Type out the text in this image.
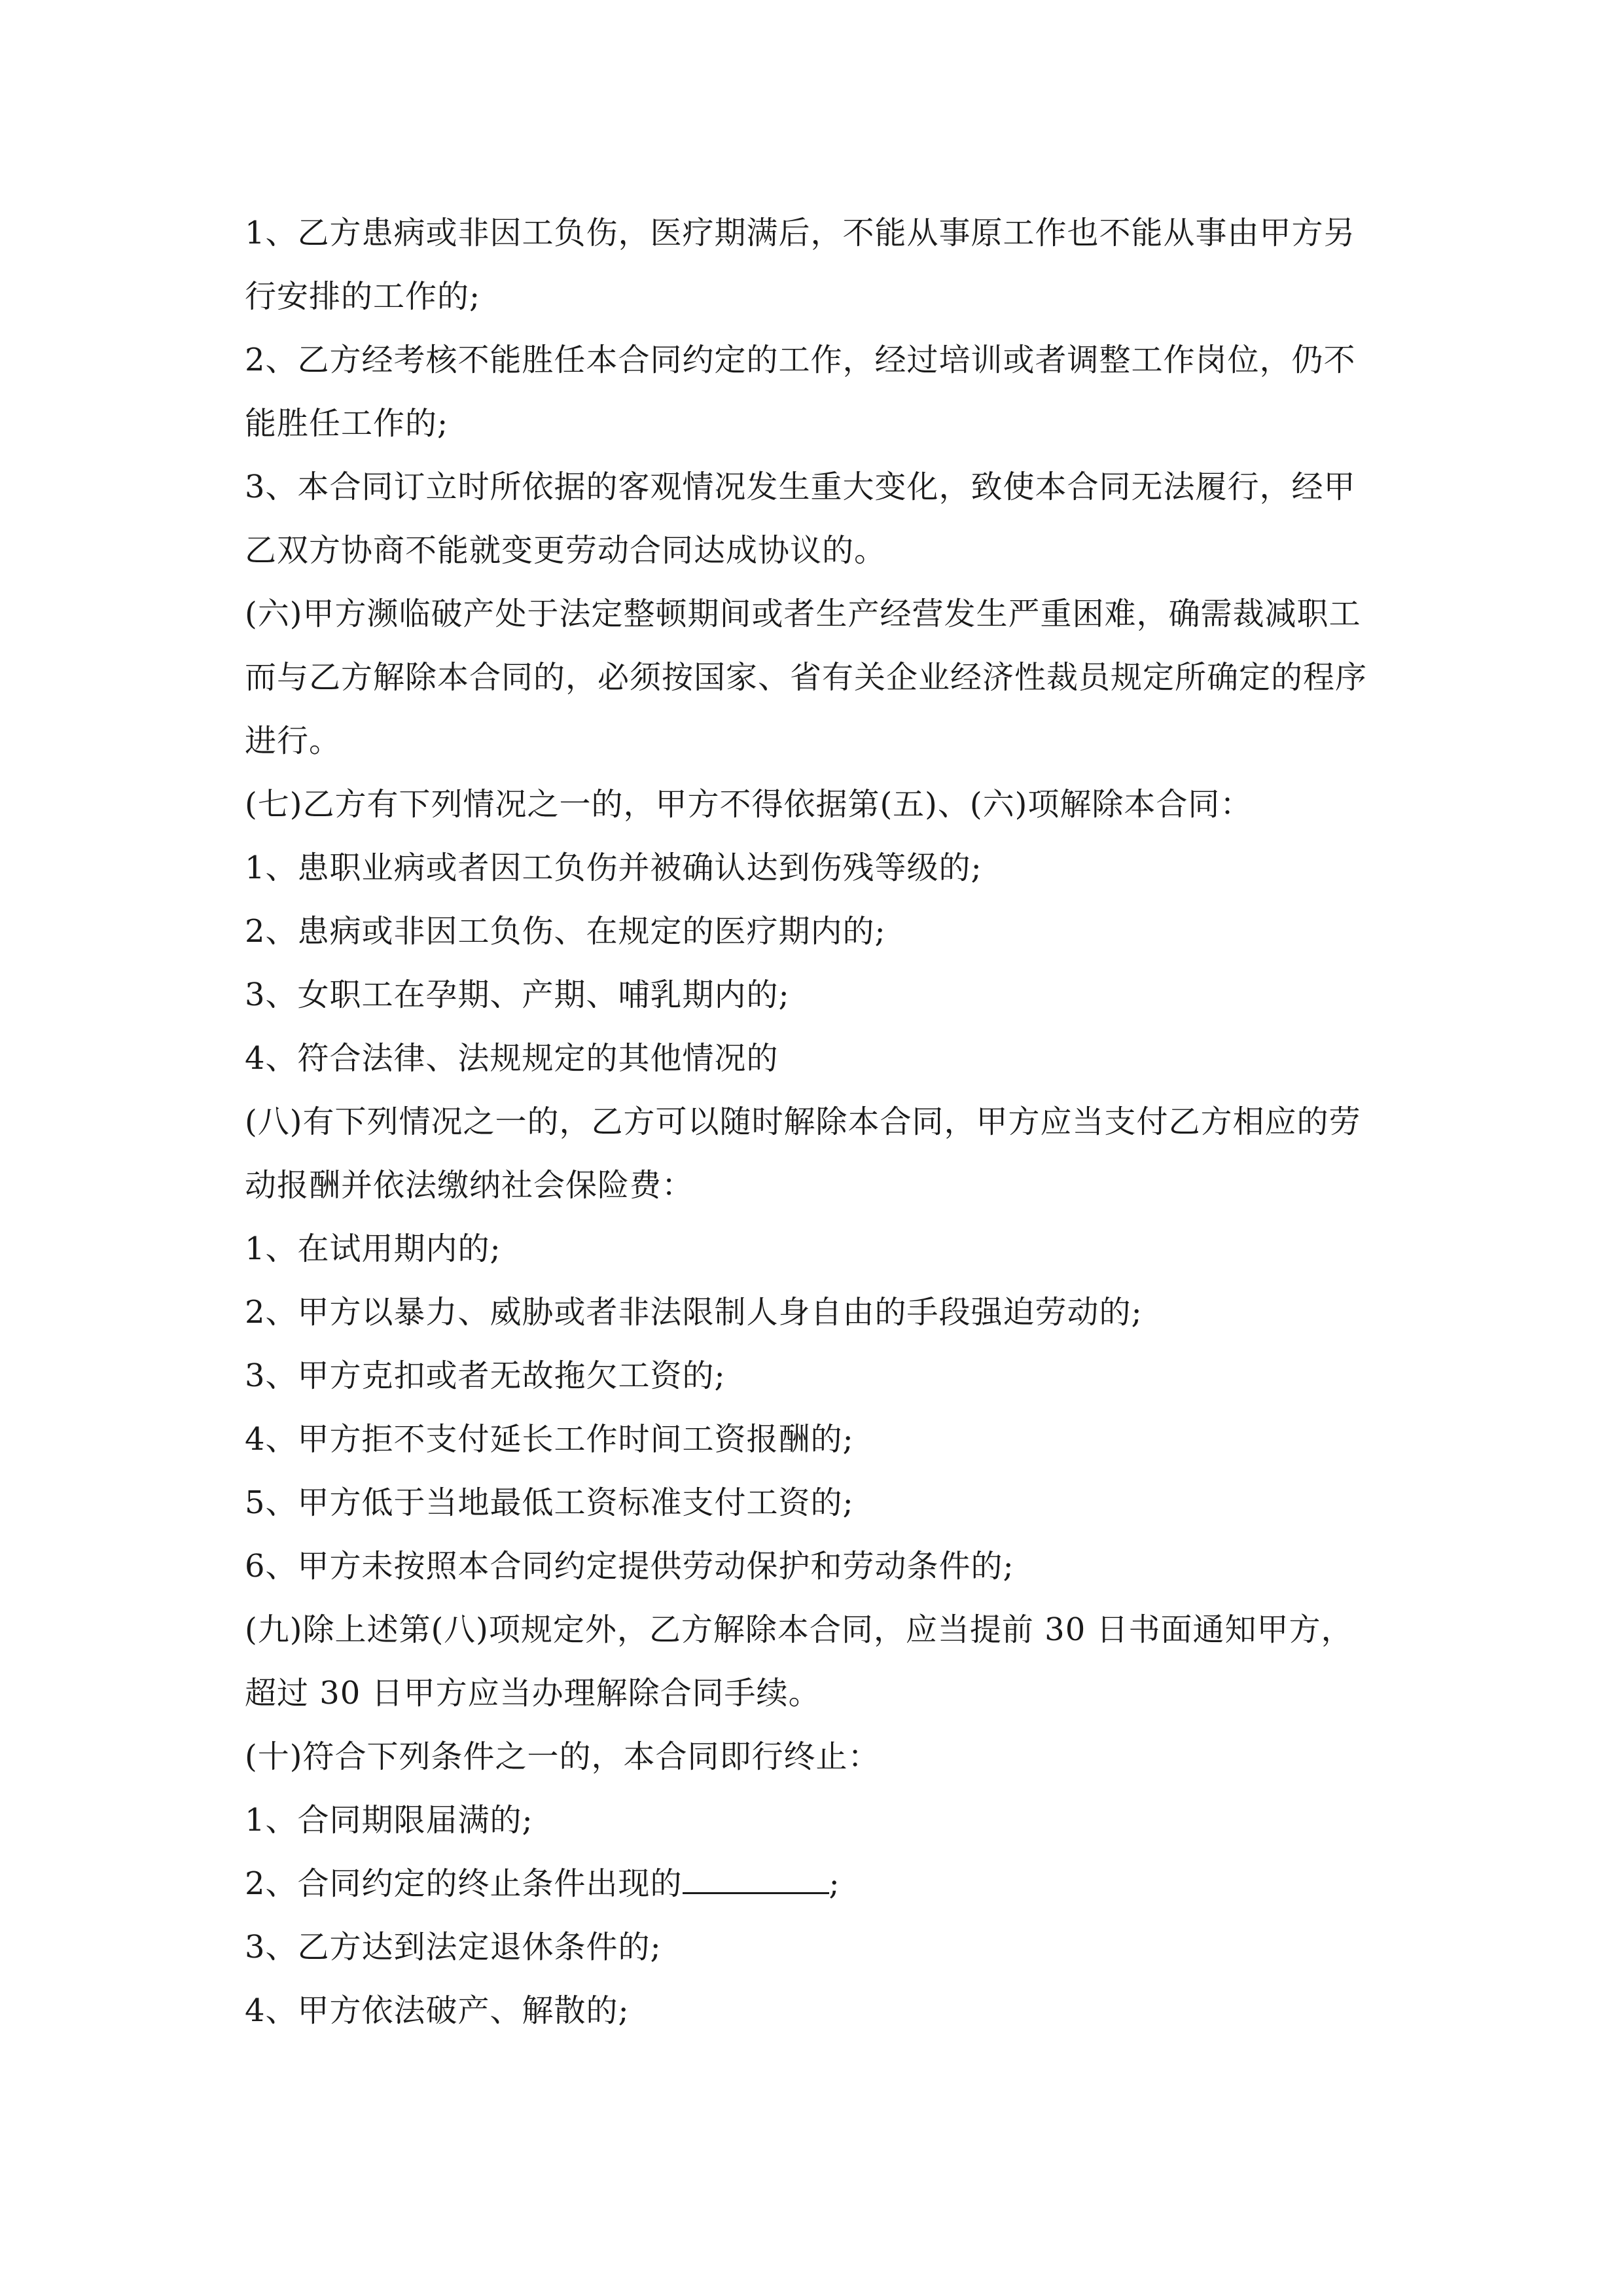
1、乙方患病或非因工负伤，医疗期满后，不能从事原工作也不能从事由甲方另
行安排的工作的;
2、乙方经考核不能胜任本合同约定的工作，经过培训或者调整工作岗位，仍不
能胜任工作的;
3、本合同订立时所依据的客观情况发生重大变化，致使本合同无法履行，经甲
乙双方协商不能就变更劳动合同达成协议的。
(六)甲方濒临破产处于法定整顿期间或者生产经营发生严重困难，确需裁减职工
而与乙方解除本合同的，必须按国家、省有关企业经济性裁员规定所确定的程序
进行。
(七)乙方有下列情况之一的，甲方不得依据第(五)、(六)项解除本合同：
1、患职业病或者因工负伤并被确认达到伤残等级的;
2、患病或非因工负伤、在规定的医疗期内的;
3、女职工在孕期、产期、哺乳期内的;
4、符合法律、法规规定的其他情况的
(八)有下列情况之一的，乙方可以随时解除本合同，甲方应当支付乙方相应的劳
动报酬并依法缴纳社会保险费：
1、在试用期内的;
2、甲方以暴力、威胁或者非法限制人身自由的手段强迫劳动的;
3、甲方克扣或者无故拖欠工资的;
4、甲方拒不支付延长工作时间工资报酬的;
5、甲方低于当地最低工资标准支付工资的;
6、甲方未按照本合同约定提供劳动保护和劳动条件的;
(九)除上述第(八)项规定外，乙方解除本合同，应当提前 30 日书面通知甲方，
超过 30 日甲方应当办理解除合同手续。
(十)符合下列条件之一的，本合同即行终止：
1、合同期限届满的;
2、合同约定的终止条件出现的	;
3、乙方达到法定退休条件的;
4、甲方依法破产、解散的;
